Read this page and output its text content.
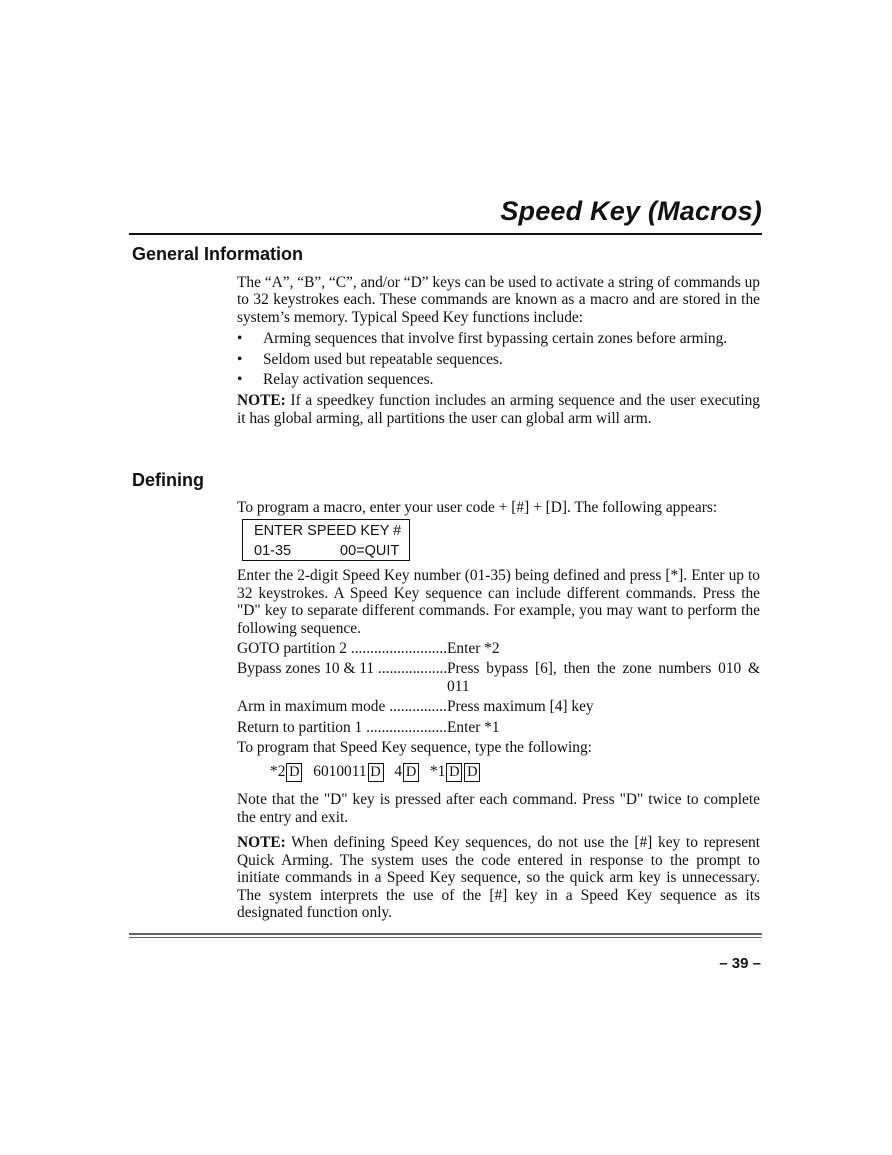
Speed Key (Macros)
General Information

The “A”, “B”, “C”, and/or “D” keys can be used to activate a string of commands up to 32 keystrokes each. These commands are known as a macro and are stored in the system’s memory. Typical Speed Key functions include:

• Arming sequences that involve first bypassing certain zones before arming.
• Seldom used but repeatable sequences.
• Relay activation sequences.

NOTE: If a speedkey function includes an arming sequence and the user executing it has global arming, all partitions the user can global arm will arm.

Defining

To program a macro, enter your user code + [#] + [D]. The following appears:

ENTER SPEED KEY #
01-35	00=QUIT

Enter the 2-digit Speed Key number (01-35) being defined and press [*]. Enter up to 32 keystrokes. A Speed Key sequence can include different commands. Press the "D" key to separate different commands. For example, you may want to perform the following sequence.

GOTO partition 2 .....	Enter *2
Bypass zones 10 & 11 .....	Press bypass [6], then the zone numbers 010 & 011
Arm in maximum mode .....	Press maximum [4] key
Return to partition 1 .....	Enter *1

To program that Speed Key sequence, type the following:

*2 D 6010011 D 4 D *1 D D

Note that the "D" key is pressed after each command. Press "D" twice to complete the entry and exit.

NOTE: When defining Speed Key sequences, do not use the [#] key to represent Quick Arming. The system uses the code entered in response to the prompt to initiate commands in a Speed Key sequence, so the quick arm key is unnecessary. The system interprets the use of the [#] key in a Speed Key sequence as its designated function only.

– 39 –
